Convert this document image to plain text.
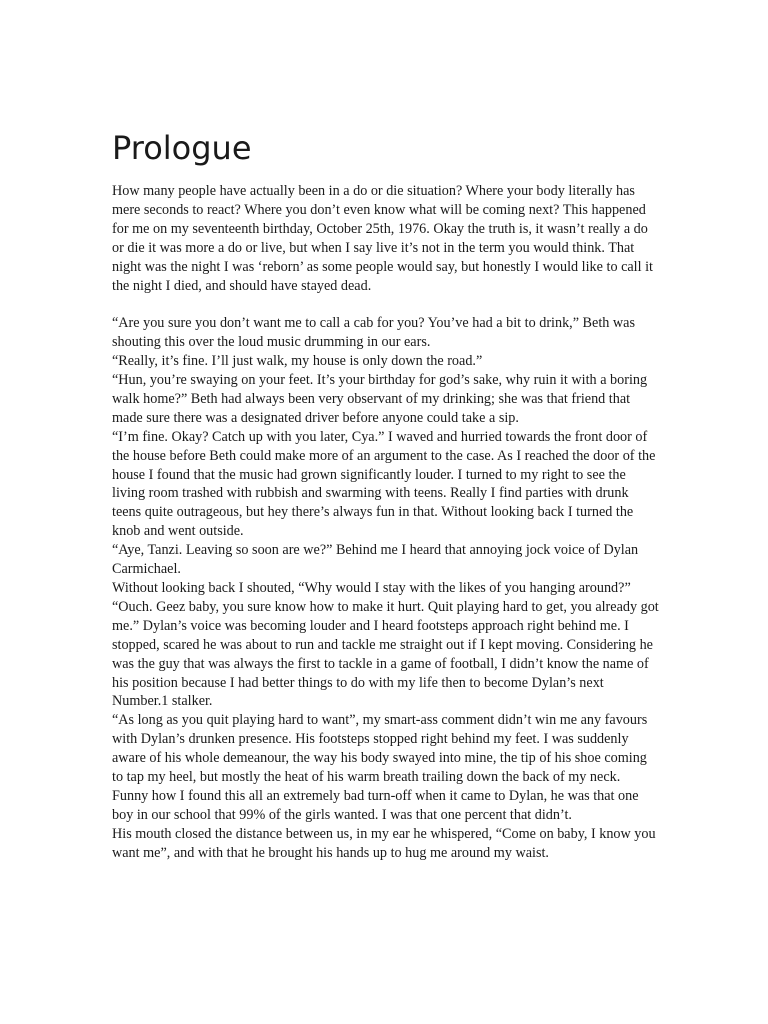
Prologue

How many people have actually been in a do or die situation? Where your body literally has mere seconds to react? Where you don’t even know what will be coming next? This happened for me on my seventeenth birthday, October 25th, 1976. Okay the truth is, it wasn’t really a do or die it was more a do or live, but when I say live it’s not in the term you would think. That night was the night I was ‘reborn’ as some people would say, but honestly I would like to call it the night I died, and should have stayed dead.

“Are you sure you don’t want me to call a cab for you? You’ve had a bit to drink,” Beth was shouting this over the loud music drumming in our ears.

“Really, it’s fine. I’ll just walk, my house is only down the road.”

“Hun, you’re swaying on your feet. It’s your birthday for god’s sake, why ruin it with a boring walk home?” Beth had always been very observant of my drinking; she was that friend that made sure there was a designated driver before anyone could take a sip.

“I’m fine. Okay? Catch up with you later, Cya.” I waved and hurried towards the front door of the house before Beth could make more of an argument to the case. As I reached the door of the house I found that the music had grown significantly louder. I turned to my right to see the living room trashed with rubbish and swarming with teens. Really I find parties with drunk teens quite outrageous, but hey there’s always fun in that. Without looking back I turned the knob and went outside.

“Aye, Tanzi. Leaving so soon are we?” Behind me I heard that annoying jock voice of Dylan Carmichael.

Without looking back I shouted, “Why would I stay with the likes of you hanging around?”

“Ouch. Geez baby, you sure know how to make it hurt. Quit playing hard to get, you already got me.” Dylan’s voice was becoming louder and I heard footsteps approach right behind me. I stopped, scared he was about to run and tackle me straight out if I kept moving. Considering he was the guy that was always the first to tackle in a game of football, I didn’t know the name of his position because I had better things to do with my life then to become Dylan’s next Number.1 stalker.

“As long as you quit playing hard to want”, my smart-ass comment didn’t win me any favours with Dylan’s drunken presence. His footsteps stopped right behind my feet. I was suddenly aware of his whole demeanour, the way his body swayed into mine, the tip of his shoe coming to tap my heel, but mostly the heat of his warm breath trailing down the back of my neck. Funny how I found this all an extremely bad turn-off when it came to Dylan, he was that one boy in our school that 99% of the girls wanted. I was that one percent that didn’t.

His mouth closed the distance between us, in my ear he whispered, “Come on baby, I know you want me”, and with that he brought his hands up to hug me around my waist.
